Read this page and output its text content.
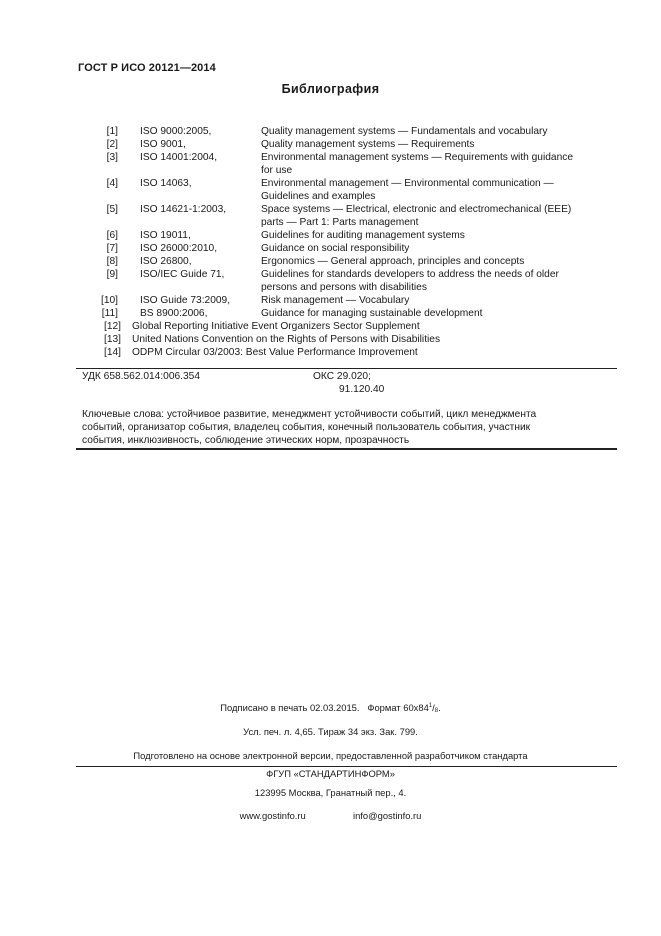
ГОСТ Р ИСО 20121—2014
Библиография
[1] ISO 9000:2005,	Quality management systems — Fundamentals and vocabulary
[2] ISO 9001,	Quality management systems — Requirements
[3] ISO 14001:2004,	Environmental management systems — Requirements with guidance
for use
[4] ISO 14063,	Environmental management — Environmental communication —
Guidelines and examples
[5] ISO 14621-1:2003,	Space systems — Electrical, electronic and electromechanical (EEE)
parts — Part 1: Parts management
[6] ISO 19011,	Guidelines for auditing management systems
[7] ISO 26000:2010,	Guidance on social responsibility
[8] ISO 26800,	Ergonomics — General approach, principles and concepts
[9] ISO/IEC Guide 71,	Guidelines for standards developers to address the needs of older
persons and persons with disabilities
[10] ISO Guide 73:2009,	Risk management — Vocabulary
[11] BS 8900:2006,	Guidance for managing sustainable development
[12] Global Reporting Initiative Event Organizers Sector Supplement
[13] United Nations Convention on the Rights of Persons with Disabilities
[14] ODPM Circular 03/2003: Best Value Performance Improvement
УДК 658.562.014:006.354	ОКС 29.020;
91.120.40
Ключевые слова: устойчивое развитие, менеджмент устойчивости событий, цикл менеджмента
событий, организатор события, владелец события, конечный пользователь события, участник
события, инклюзивность, соблюдение этических норм, прозрачность
Подписано в печать 02.03.2015. Формат $60x84^1/_8$.
Усл. печ. л. 4,65. Тираж 34 экз. Зак. 799.
Подготовлено на основе электронной версии, предоставленной разработчиком стандарта
ФГУП «СТАНДАРТИНФОРМ»
123995 Москва, Гранатный пер., 4.
www.gostinfo.ru	info@gostinfo.ru
